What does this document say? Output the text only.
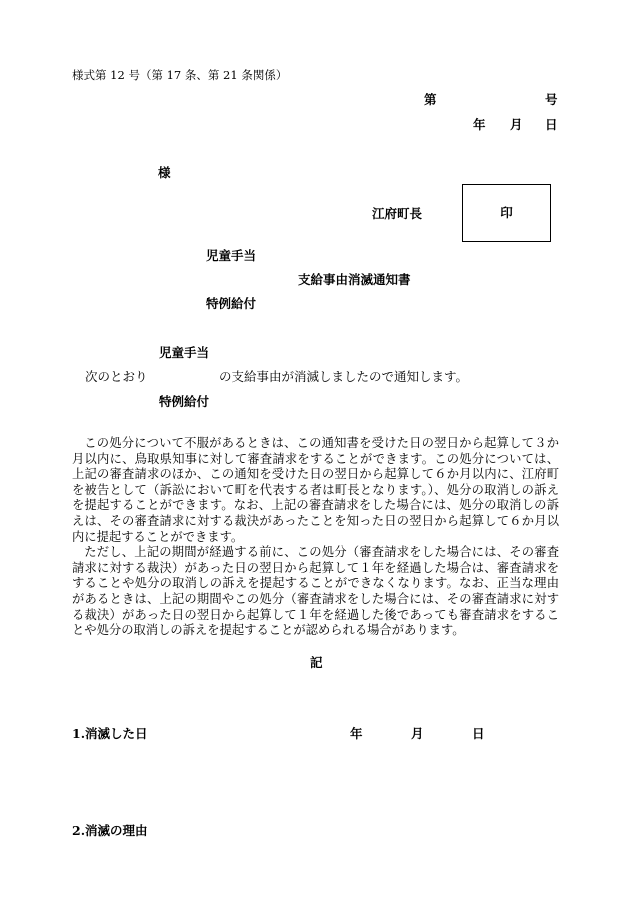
様式第 12 号（第 17 条、第 21 条関係）
第	号
年 月 日
様
江府町長	印
児童手当
支給事由消滅通知書
特例給付
児童手当
次のとおり	の支給事由が消滅しましたので通知します。
特例給付

この処分について不服があるときは、この通知書を受けた日の翌日から起算して３か月以内に、鳥取県知事に対して審査請求をすることができます。この処分については、上記の審査請求のほか、この通知を受けた日の翌日から起算して６か月以内に、江府町を被告として（訴訟において町を代表する者は町長となります。）、処分の取消しの訴えを提起することができます。なお、上記の審査請求をした場合には、処分の取消しの訴えは、その審査請求に対する裁決があったことを知った日の翌日から起算して６か月以内に提起することができます。

ただし、上記の期間が経過する前に、この処分（審査請求をした場合には、その審査請求に対する裁決）があった日の翌日から起算して１年を経過した場合は、審査請求をすることや処分の取消しの訴えを提起することができなくなります。なお、正当な理由があるときは、上記の期間やこの処分（審査請求をした場合には、その審査請求に対する裁決）があった日の翌日から起算して１年を経過した後であっても審査請求をすることや処分の取消しの訴えを提起することが認められる場合があります。

記
1.消滅した日	年	月	日
2.消滅の理由
